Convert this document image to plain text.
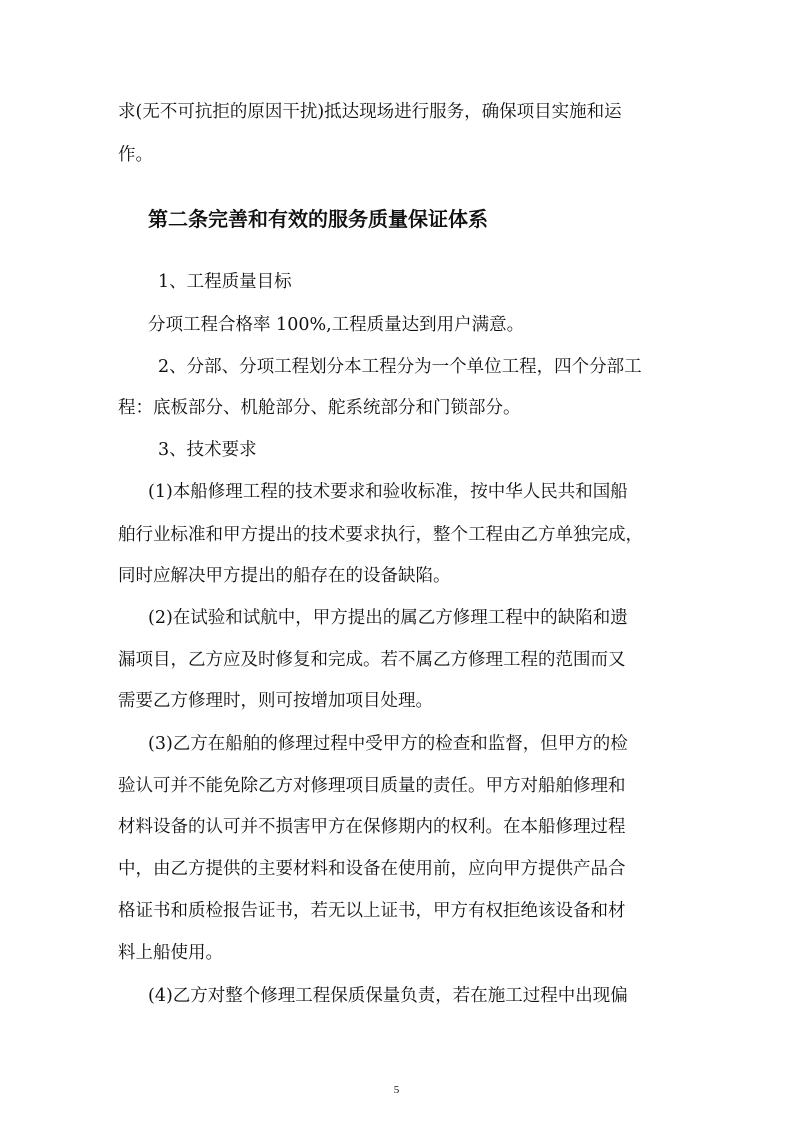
求(无不可抗拒的原因干扰)抵达现场进行服务，确保项目实施和运
作。
第二条完善和有效的服务质量保证体系
1、工程质量目标
分项工程合格率 100%,工程质量达到用户满意。
2、分部、分项工程划分本工程分为一个单位工程，四个分部工
程：底板部分、机舱部分、舵系统部分和门锁部分。
3、技术要求
(1)本船修理工程的技术要求和验收标准，按中华人民共和国船
舶行业标准和甲方提出的技术要求执行，整个工程由乙方单独完成，
同时应解决甲方提出的船存在的设备缺陷。
(2)在试验和试航中，甲方提出的属乙方修理工程中的缺陷和遗
漏项目，乙方应及时修复和完成。若不属乙方修理工程的范围而又
需要乙方修理时，则可按增加项目处理。
(3)乙方在船舶的修理过程中受甲方的检查和监督，但甲方的检
验认可并不能免除乙方对修理项目质量的责任。甲方对船舶修理和
材料设备的认可并不损害甲方在保修期内的权利。在本船修理过程
中，由乙方提供的主要材料和设备在使用前，应向甲方提供产品合
格证书和质检报告证书，若无以上证书，甲方有权拒绝该设备和材
料上船使用。
(4)乙方对整个修理工程保质保量负责，若在施工过程中出现偏
5
